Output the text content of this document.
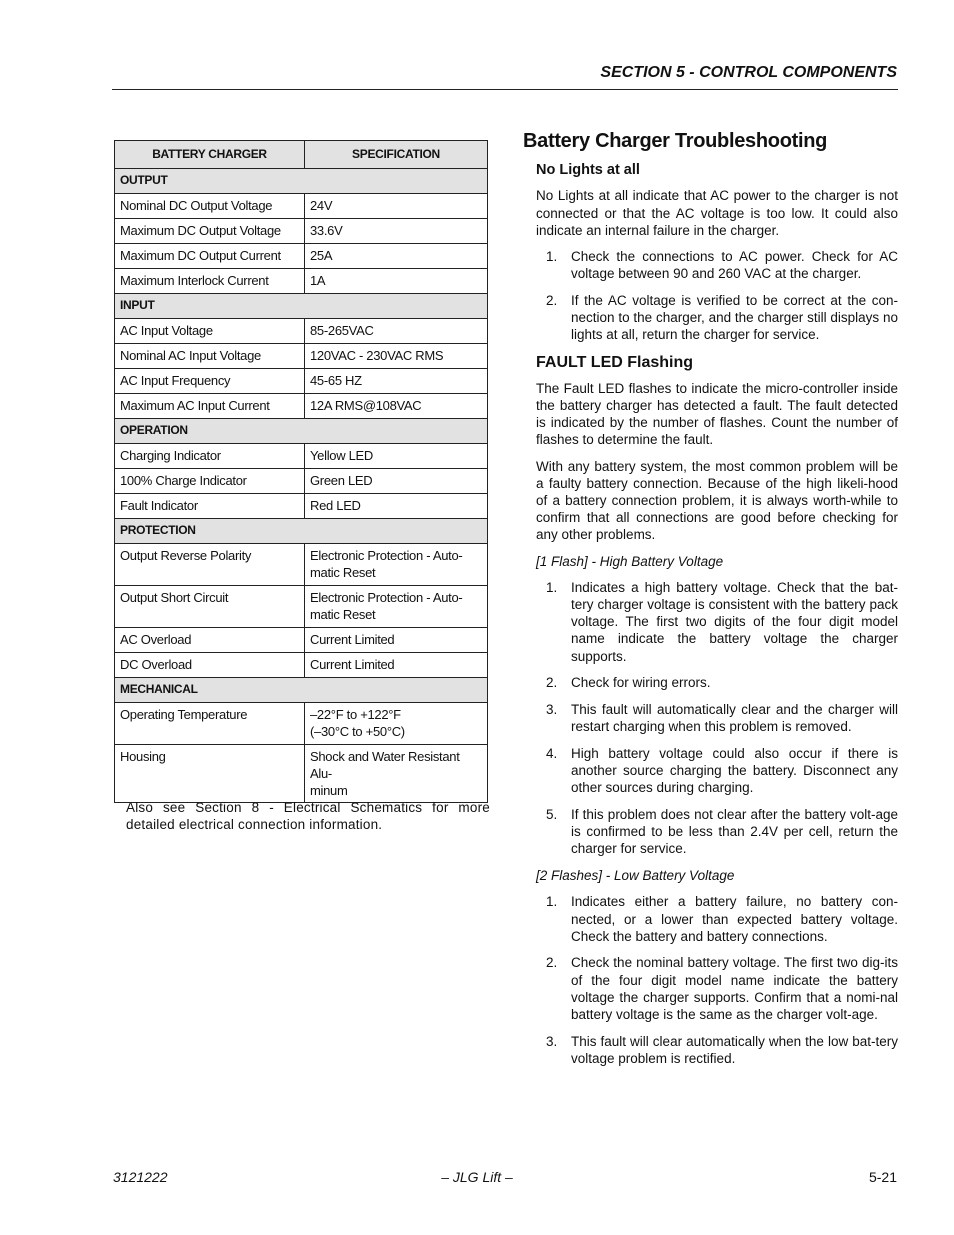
SECTION 5 - CONTROL COMPONENTS
BATTERY CHARGER	SPECIFICATION
OUTPUT	
Nominal DC Output Voltage	24V
Maximum DC Output Voltage	33.6V
Maximum DC Output Current	25A
Maximum Interlock Current	1A
INPUT	
AC Input Voltage	85-265VAC
Nominal AC Input Voltage	120VAC - 230VAC RMS
AC Input Frequency	45-65 HZ
Maximum AC Input Current	12A RMS@108VAC
OPERATION	
Charging Indicator	Yellow LED
100% Charge Indicator	Green LED
Fault Indicator	Red LED
PROTECTION	
Output Reverse Polarity	Electronic Protection - Auto-
matic Reset
Output Short Circuit	Electronic Protection - Auto-
matic Reset
AC Overload	Current Limited
DC Overload	Current Limited
MECHANICAL	
Operating Temperature	–22°F to +122°F
(–30°C to +50°C)
Housing	Shock and Water Resistant Alu-
minum
Also see Section 8 - Electrical Schematics for more detailed electrical connection information.
Battery Charger Troubleshooting
No Lights at all
No Lights at all indicate that AC power to the charger is not connected or that the AC voltage is too low. It could also indicate an internal failure in the charger.
1. Check the connections to AC power. Check for AC voltage between 90 and 260 VAC at the charger.
2. If the AC voltage is verified to be correct at the con-nection to the charger, and the charger still displays no lights at all, return the charger for service.
FAULT LED Flashing
The Fault LED flashes to indicate the micro-controller inside the battery charger has detected a fault. The fault detected is indicated by the number of flashes. Count the number of flashes to determine the fault.
With any battery system, the most common problem will be a faulty battery connection. Because of the high likeli-hood of a battery connection problem, it is always worth-while to confirm that all connections are good before checking for any other problems.
[1 Flash] - High Battery Voltage
1. Indicates a high battery voltage. Check that the bat-tery charger voltage is consistent with the battery pack voltage. The first two digits of the four digit model name indicate the battery voltage the charger supports.
2. Check for wiring errors.
3. This fault will automatically clear and the charger will restart charging when this problem is removed.
4. High battery voltage could also occur if there is another source charging the battery. Disconnect any other sources during charging.
5. If this problem does not clear after the battery volt-age is confirmed to be less than 2.4V per cell, return the charger for service.
[2 Flashes] - Low Battery Voltage
1. Indicates either a battery failure, no battery con-nected, or a lower than expected battery voltage. Check the battery and battery connections.
2. Check the nominal battery voltage. The first two dig-its of the four digit model name indicate the battery voltage the charger supports. Confirm that a nomi-nal battery voltage is the same as the charger volt-age.
3. This fault will clear automatically when the low bat-tery voltage problem is rectified.
3121222	– JLG Lift –	5-21
